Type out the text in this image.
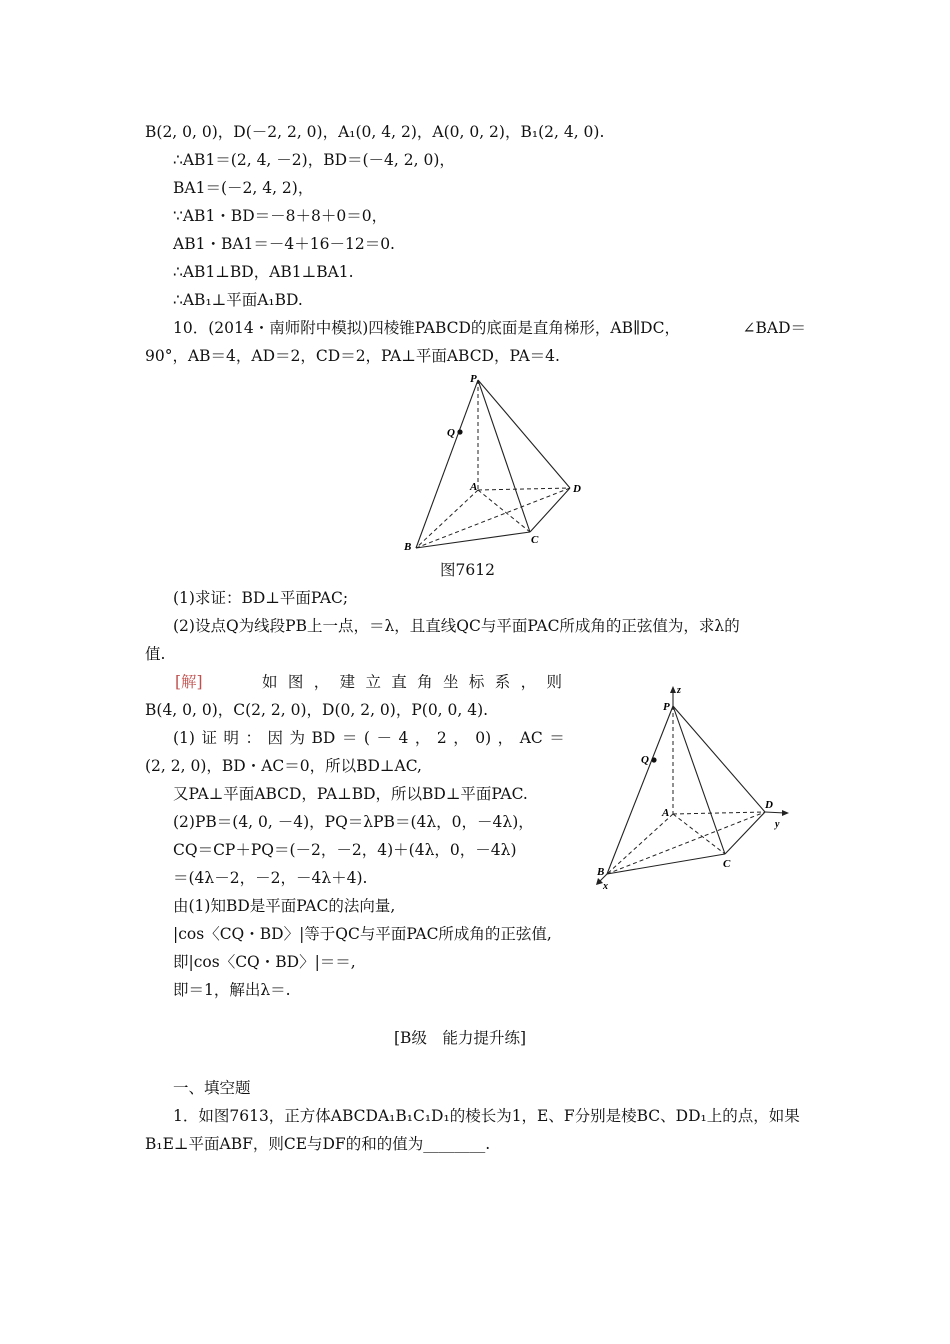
B(2, 0, 0)，D(－2, 2, 0)，A₁(0, 4, 2)，A(0, 0, 2)，B₁(2, 4, 0).
∴AB1＝(2, 4, －2)，BD＝(－4, 2, 0)，
BA1＝(－2, 4, 2)，
∵AB1・BD＝－8＋8＋0＝0，
AB1・BA1＝－4＋16－12＝0.
∴AB1⊥BD，AB1⊥BA1.
∴AB₁⊥平面A₁BD.
10．(2014・南师附中模拟)四棱锥PABCD的底面是直角梯形，AB∥DC，	∠BAD＝
90°，AB＝4，AD＝2，CD＝2，PA⊥平面ABCD，PA＝4.
P
Q
A	D
B
C
图7612
(1)求证：BD⊥平面PAC;
(2)设点Q为线段PB上一点，＝λ，且直线QC与平面PAC所成角的正弦值为，求λ的
值.
[解]	如 图 ， 建 立 直 角 坐 标 系 ， 则
B(4, 0, 0)，C(2, 2, 0)，D(0, 2, 0)，P(0, 0, 4).
(1) 证 明 ： 因 为 BD ＝ ( － 4 ， 2 ， 0) ， AC ＝
(2, 2, 0)，BD・AC＝0，所以BD⊥AC,
又PA⊥平面ABCD，PA⊥BD，所以BD⊥平面PAC.
(2)PB＝(4, 0, －4)，PQ＝λPB＝(4λ，0，－4λ)，
CQ＝CP＋PQ＝(－2，－2，4)＋(4λ，0，－4λ)
＝(4λ－2，－2，－4λ＋4).
由(1)知BD是平面PAC的法向量,
|cos〈CQ・BD〉|等于QC与平面PAC所成角的正弦值,
即|cos〈CQ・BD〉|＝＝,
即＝1，解出λ＝.
z
P
Q
A
D
y
B
x
C
[B级　能力提升练]
一、填空题
1．如图7613，正方体ABCDA₁B₁C₁D₁的棱长为1，E、F分别是棱BC、DD₁上的点，如果
B₁E⊥平面ABF，则CE与DF的和的值为________.
